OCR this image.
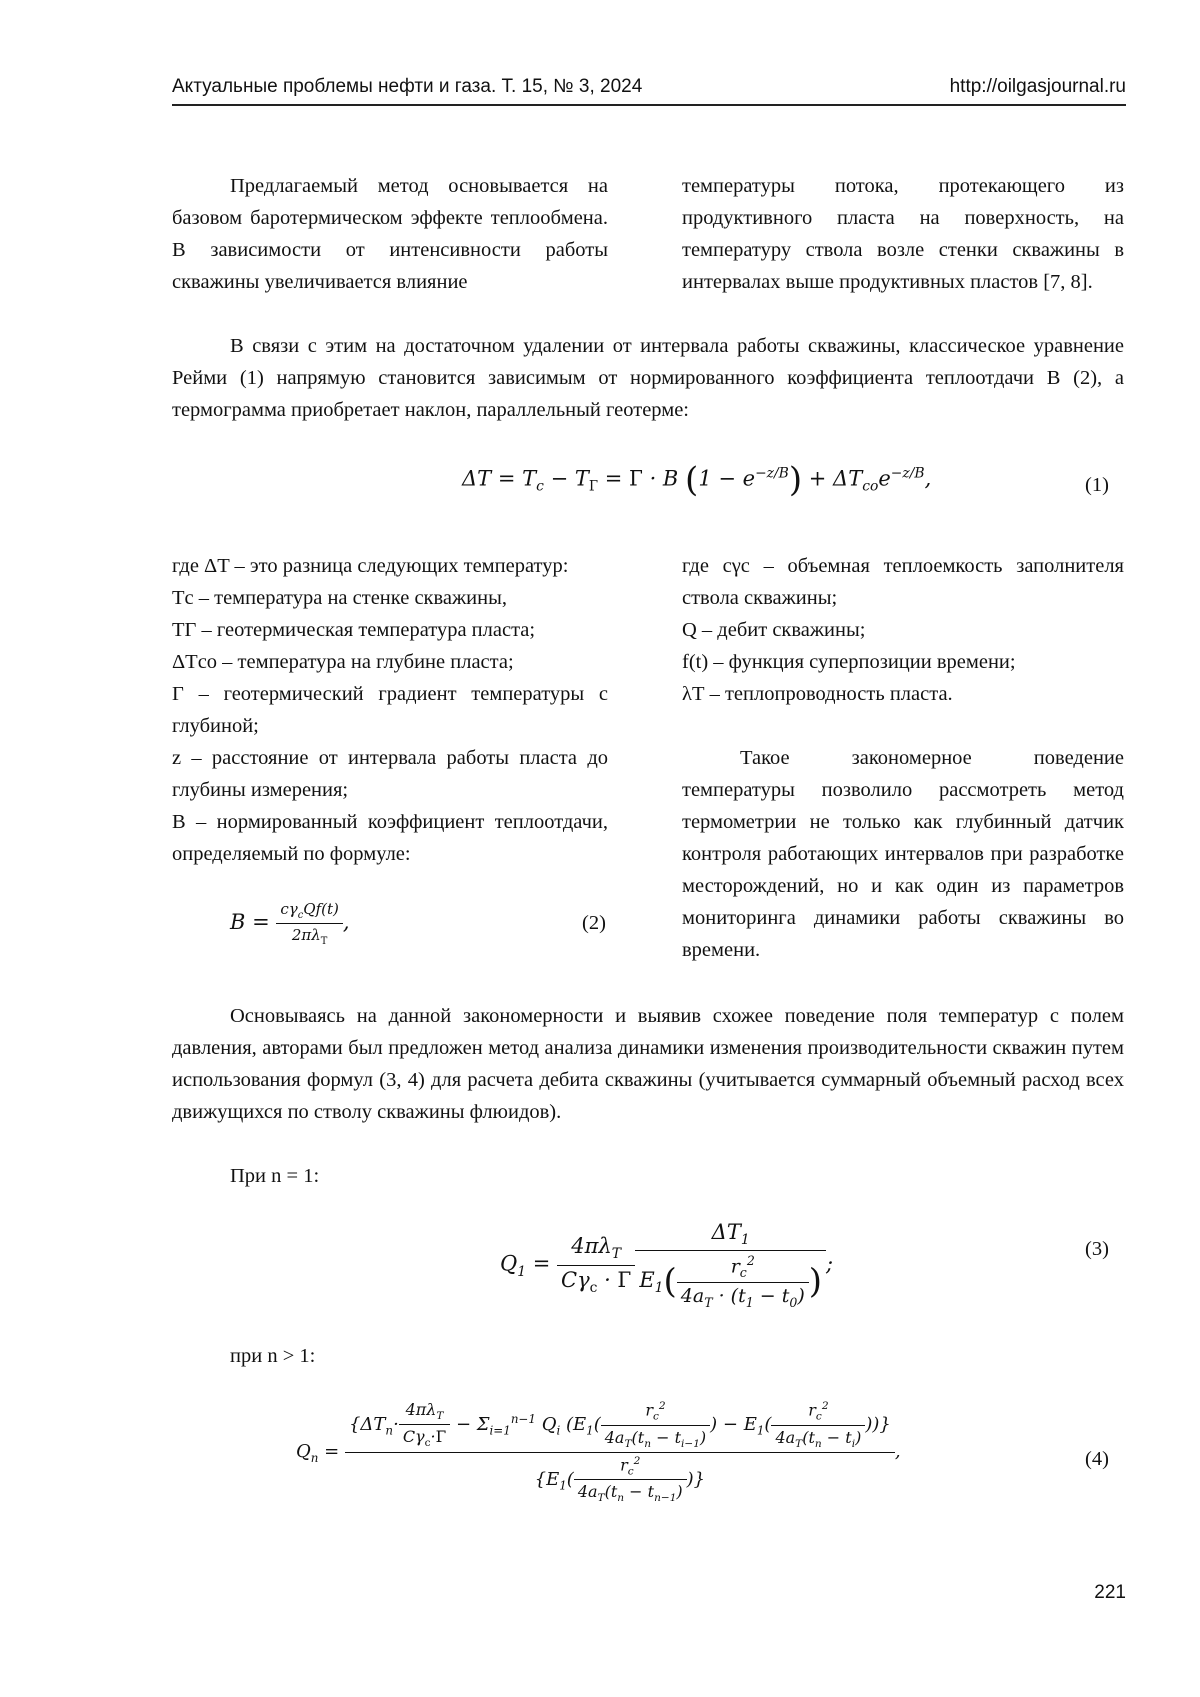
Актуальные проблемы нефти и газа. Т. 15, № 3, 2024	http://oilgasjournal.ru

Предлагаемый метод основывается на базовом баротермическом эффекте теплообмена. В зависимости от интенсивности работы скважины увеличивается влияние

температуры потока, протекающего из продуктивного пласта на поверхность, на температуру ствола возле стенки скважины в интервалах выше продуктивных пластов [7, 8].

В связи с этим на достаточном удалении от интервала работы скважины, классическое уравнение Рейми (1) напрямую становится зависимым от нормированного коэффициента теплоотдачи B (2), а термограмма приобретает наклон, параллельный геотерме:

$\Delta T = T_c - T_Г = Г \cdot B$ $(1 - e^{-z/B}) + \Delta T_{co}e^{-z/B}$,	(1)

где ΔT – это разница следующих температур:

Tс – температура на стенке скважины,

TГ – геотермическая температура пласта;

ΔTсо – температура на глубине пласта;

Г – геотермический градиент температуры с глубиной;

z – расстояние от интервала работы пласта до глубины измерения;

B – нормированный коэффициент теплоотдачи, определяемый по формуле:

$B = \frac{c\gamma_cQf(t)}{2\pi\lambda_T}$ ,	(2)

где cγс – объемная теплоемкость заполнителя ствола скважины;

Q – дебит скважины;

f(t) – функция суперпозиции времени;

λТ – теплопроводность пласта.

Такое закономерное поведение температуры позволило рассмотреть метод термометрии не только как глубинный датчик контроля работающих интервалов при разработке месторождений, но и как один из параметров мониторинга динамики работы скважины во времени.

Основываясь на данной закономерности и выявив схожее поведение поля температур с полем давления, авторами был предложен метод анализа динамики изменения производительности скважин путем использования формул (3, 4) для расчета дебита скважины (учитывается суммарный объемный расход всех движущихся по стволу скважины флюидов).

При n = 1:
$Q_1 = \frac{4\pi\lambda_T}{C\gamma_c \cdot Г} \frac{\Delta T_1}{E_1( \frac{r_c^2}{4a_T \cdot (t_1 - t_0)} )}$ ;
(3)
при n > 1:
$Q_n$ =
{$\Delta T_n\cdot \frac{4\pi\lambda_T}{C\gamma_c\cdot Г} - \Sigma_{i=1}^{n-1}$ $Q_i$ ($E_1( \frac{r_c^2}{4a_T(t_n - t_{i-1})}$ ) − $E_1( \frac{r_c^2}{4a_T(t_n - t_i)}$ ))}
{$E_1( \frac{r_c^2}{4a_T(t_n - t_{n-1})}$ )}
,	(4)
221
